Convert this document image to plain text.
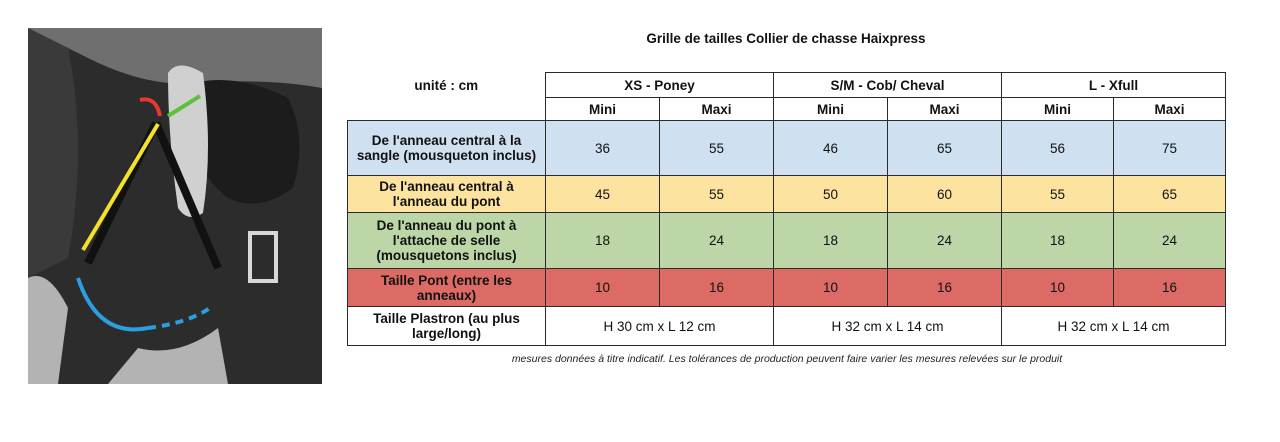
Grille de tailles Collier de chasse Haixpress
unité : cm	XS - Poney		S/M - Cob/ Cheval		L - Xfull	
	Mini	Maxi	Mini	Maxi	Mini	Maxi
De l'anneau central à la sangle (mousqueton inclus)	36	55	46	65	56	75
De l'anneau central à l'anneau du pont	45	55	50	60	55	65
De l'anneau du pont à l'attache de selle (mousquetons inclus)	18	24	18	24	18	24
Taille Pont (entre les anneaux)	10	16	10	16	10	16
Taille Plastron (au plus large/long)	H 30 cm x L 12 cm		H 32 cm x L 14 cm		H 32 cm x L 14 cm	
mesures données à titre indicatif. Les tolérances de production peuvent faire varier les mesures relevées sur le produit
